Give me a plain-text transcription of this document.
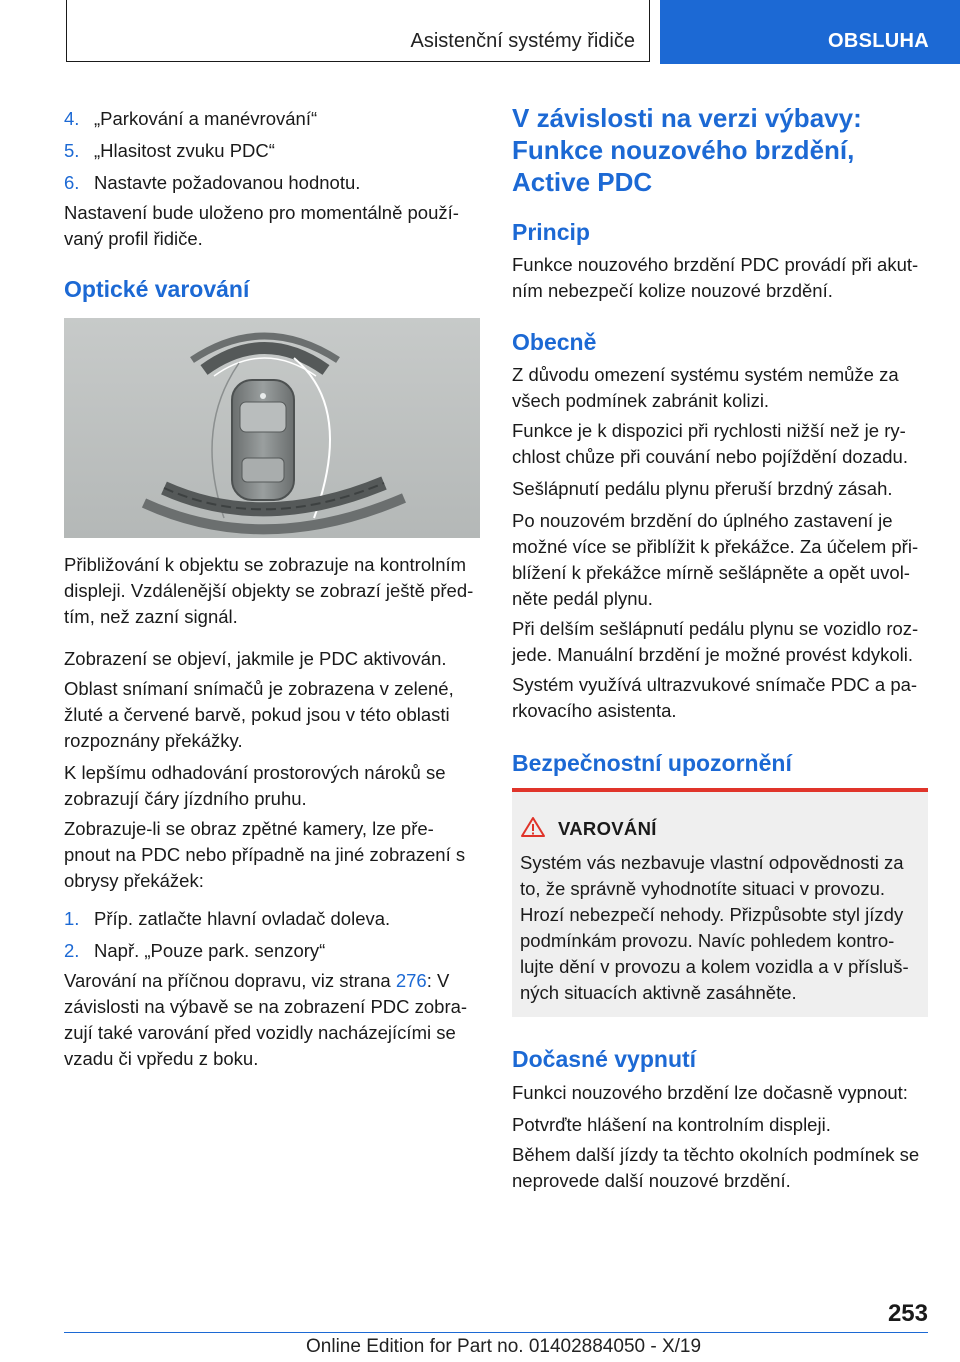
Asistenční systémy řidiče	OBSLUHA
4. „Parkování a manévrování“
5. „Hlasitost zvuku PDC“
6. Nastavte požadovanou hodnotu.

Nastavení bude uloženo pro momentálně použí-vaný profil řidiče.

Optické varování

Přibližování k objektu se zobrazuje na kontrolním displeji. Vzdálenější objekty se zobrazí ještě před-tím, než zazní signál.

Zobrazení se objeví, jakmile je PDC aktivován.

Oblast snímaní snímačů je zobrazena v zelené, žluté a červené barvě, pokud jsou v této oblasti rozpoznány překážky.

K lepšímu odhadování prostorových nároků se zobrazují čáry jízdního pruhu.

Zobrazuje-li se obraz zpětné kamery, lze pře-pnout na PDC nebo případně na jiné zobrazení s obrysy překážek:

1. Příp. zatlačte hlavní ovladač doleva.
2. Např. „Pouze park. senzory“

Varování na příčnou dopravu, viz strana 276: V závislosti na výbavě se na zobrazení PDC zobra-zují také varování před vozidly nacházejícími se vzadu či vpředu z boku.

V závislosti na verzi výbavy:
Funkce nouzového brzdění,
Active PDC
Princip

Funkce nouzového brzdění PDC provádí při akut-ním nebezpečí kolize nouzové brzdění.

Obecně

Z důvodu omezení systému systém nemůže za všech podmínek zabránit kolizi.

Funkce je k dispozici při rychlosti nižší než je ry-chlost chůze při couvání nebo pojíždění dozadu.

Sešlápnutí pedálu plynu přeruší brzdný zásah.

Po nouzovém brzdění do úplného zastavení je možné více se přiblížit k překážce. Za účelem při-blížení k překážce mírně sešlápněte a opět uvol-něte pedál plynu.

Při delším sešlápnutí pedálu plynu se vozidlo roz-jede. Manuální brzdění je možné provést kdykoli.

Systém využívá ultrazvukové snímače PDC a pa-rkovacího asistenta.

Bezpečnostní upozornění
VAROVÁNÍ

Systém vás nezbavuje vlastní odpovědnosti za to, že správně vyhodnotíte situaci v provozu. Hrozí nebezpečí nehody. Přizpůsobte styl jízdy podmínkám provozu. Navíc pohledem kontro-lujte dění v provozu a kolem vozidla a v přísluš-ných situacích aktivně zasáhněte.

Dočasné vypnutí

Funkci nouzového brzdění lze dočasně vypnout:

Potvrďte hlášení na kontrolním displeji.

Během další jízdy ta těchto okolních podmínek se neprovede další nouzové brzdění.

253
Online Edition for Part no. 01402884050 - X/19
